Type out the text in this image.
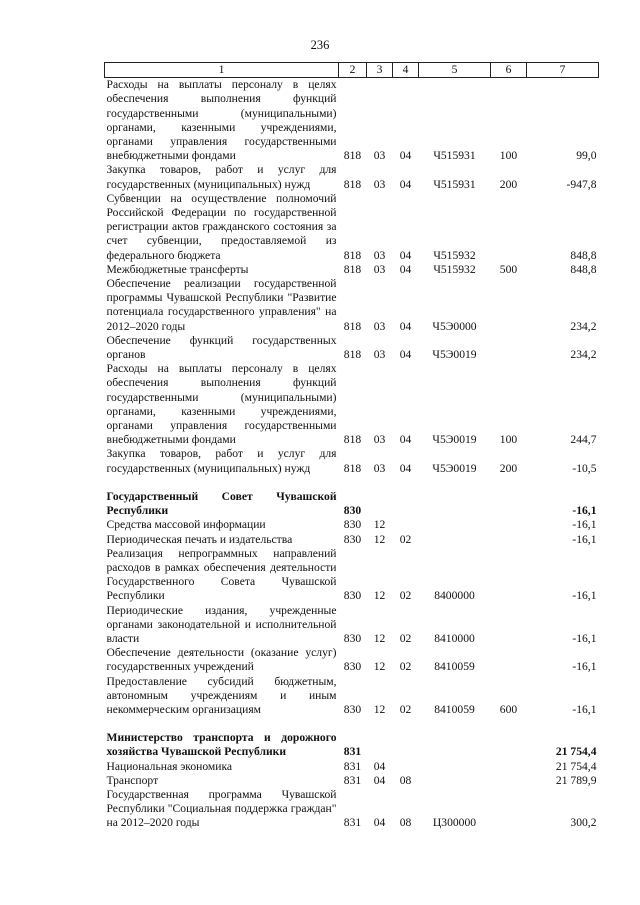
236
1	2	3	4	5	6	7
Расходы на выплаты персоналу в целях обеспечения выполнения функций государственными (муниципальными) органами, казенными учреждениями, органами управления государственными внебюджетными фондами	818	03	04	Ч515931	100	99,0
Закупка товаров, работ и услуг для государственных (муниципальных) нужд	818	03	04	Ч515931	200	-947,8
Субвенции на осуществление полномочий Российской Федерации по государственной регистрации актов гражданского состояния за счет субвенции, предоставляемой из федерального бюджета	818	03	04	Ч515932		848,8
Межбюджетные трансферты	818	03	04	Ч515932	500	848,8
Обеспечение реализации государственной программы Чувашской Республики "Развитие потенциала государственного управления" на 2012–2020 годы	818	03	04	Ч5Э0000		234,2
Обеспечение функций государственных органов	818	03	04	Ч5Э0019		234,2
Расходы на выплаты персоналу в целях обеспечения выполнения функций государственными (муниципальными) органами, казенными учреждениями, органами управления государственными внебюджетными фондами	818	03	04	Ч5Э0019	100	244,7
Закупка товаров, работ и услуг для государственных (муниципальных) нужд	818	03	04	Ч5Э0019	200	-10,5

Государственный Совет Чувашской Республики	830					-16,1
Средства массовой информации	830	12				-16,1
Периодическая печать и издательства	830	12	02			-16,1
Реализация непрограммных направлений расходов в рамках обеспечения деятельности Государственного Совета Чувашской Республики	830	12	02	8400000		-16,1
Периодические издания, учрежденные органами законодательной и исполнительной власти	830	12	02	8410000		-16,1
Обеспечение деятельности (оказание услуг) государственных учреждений	830	12	02	8410059		-16,1
Предоставление субсидий бюджетным, автономным учреждениям и иным некоммерческим организациям	830	12	02	8410059	600	-16,1

Министерство транспорта и дорожного хозяйства Чувашской Республики	831					21 754,4
Национальная экономика	831	04				21 754,4
Транспорт	831	04	08			21 789,9
Государственная программа Чувашской Республики "Социальная поддержка граждан" на 2012–2020 годы	831	04	08	Ц300000		300,2
